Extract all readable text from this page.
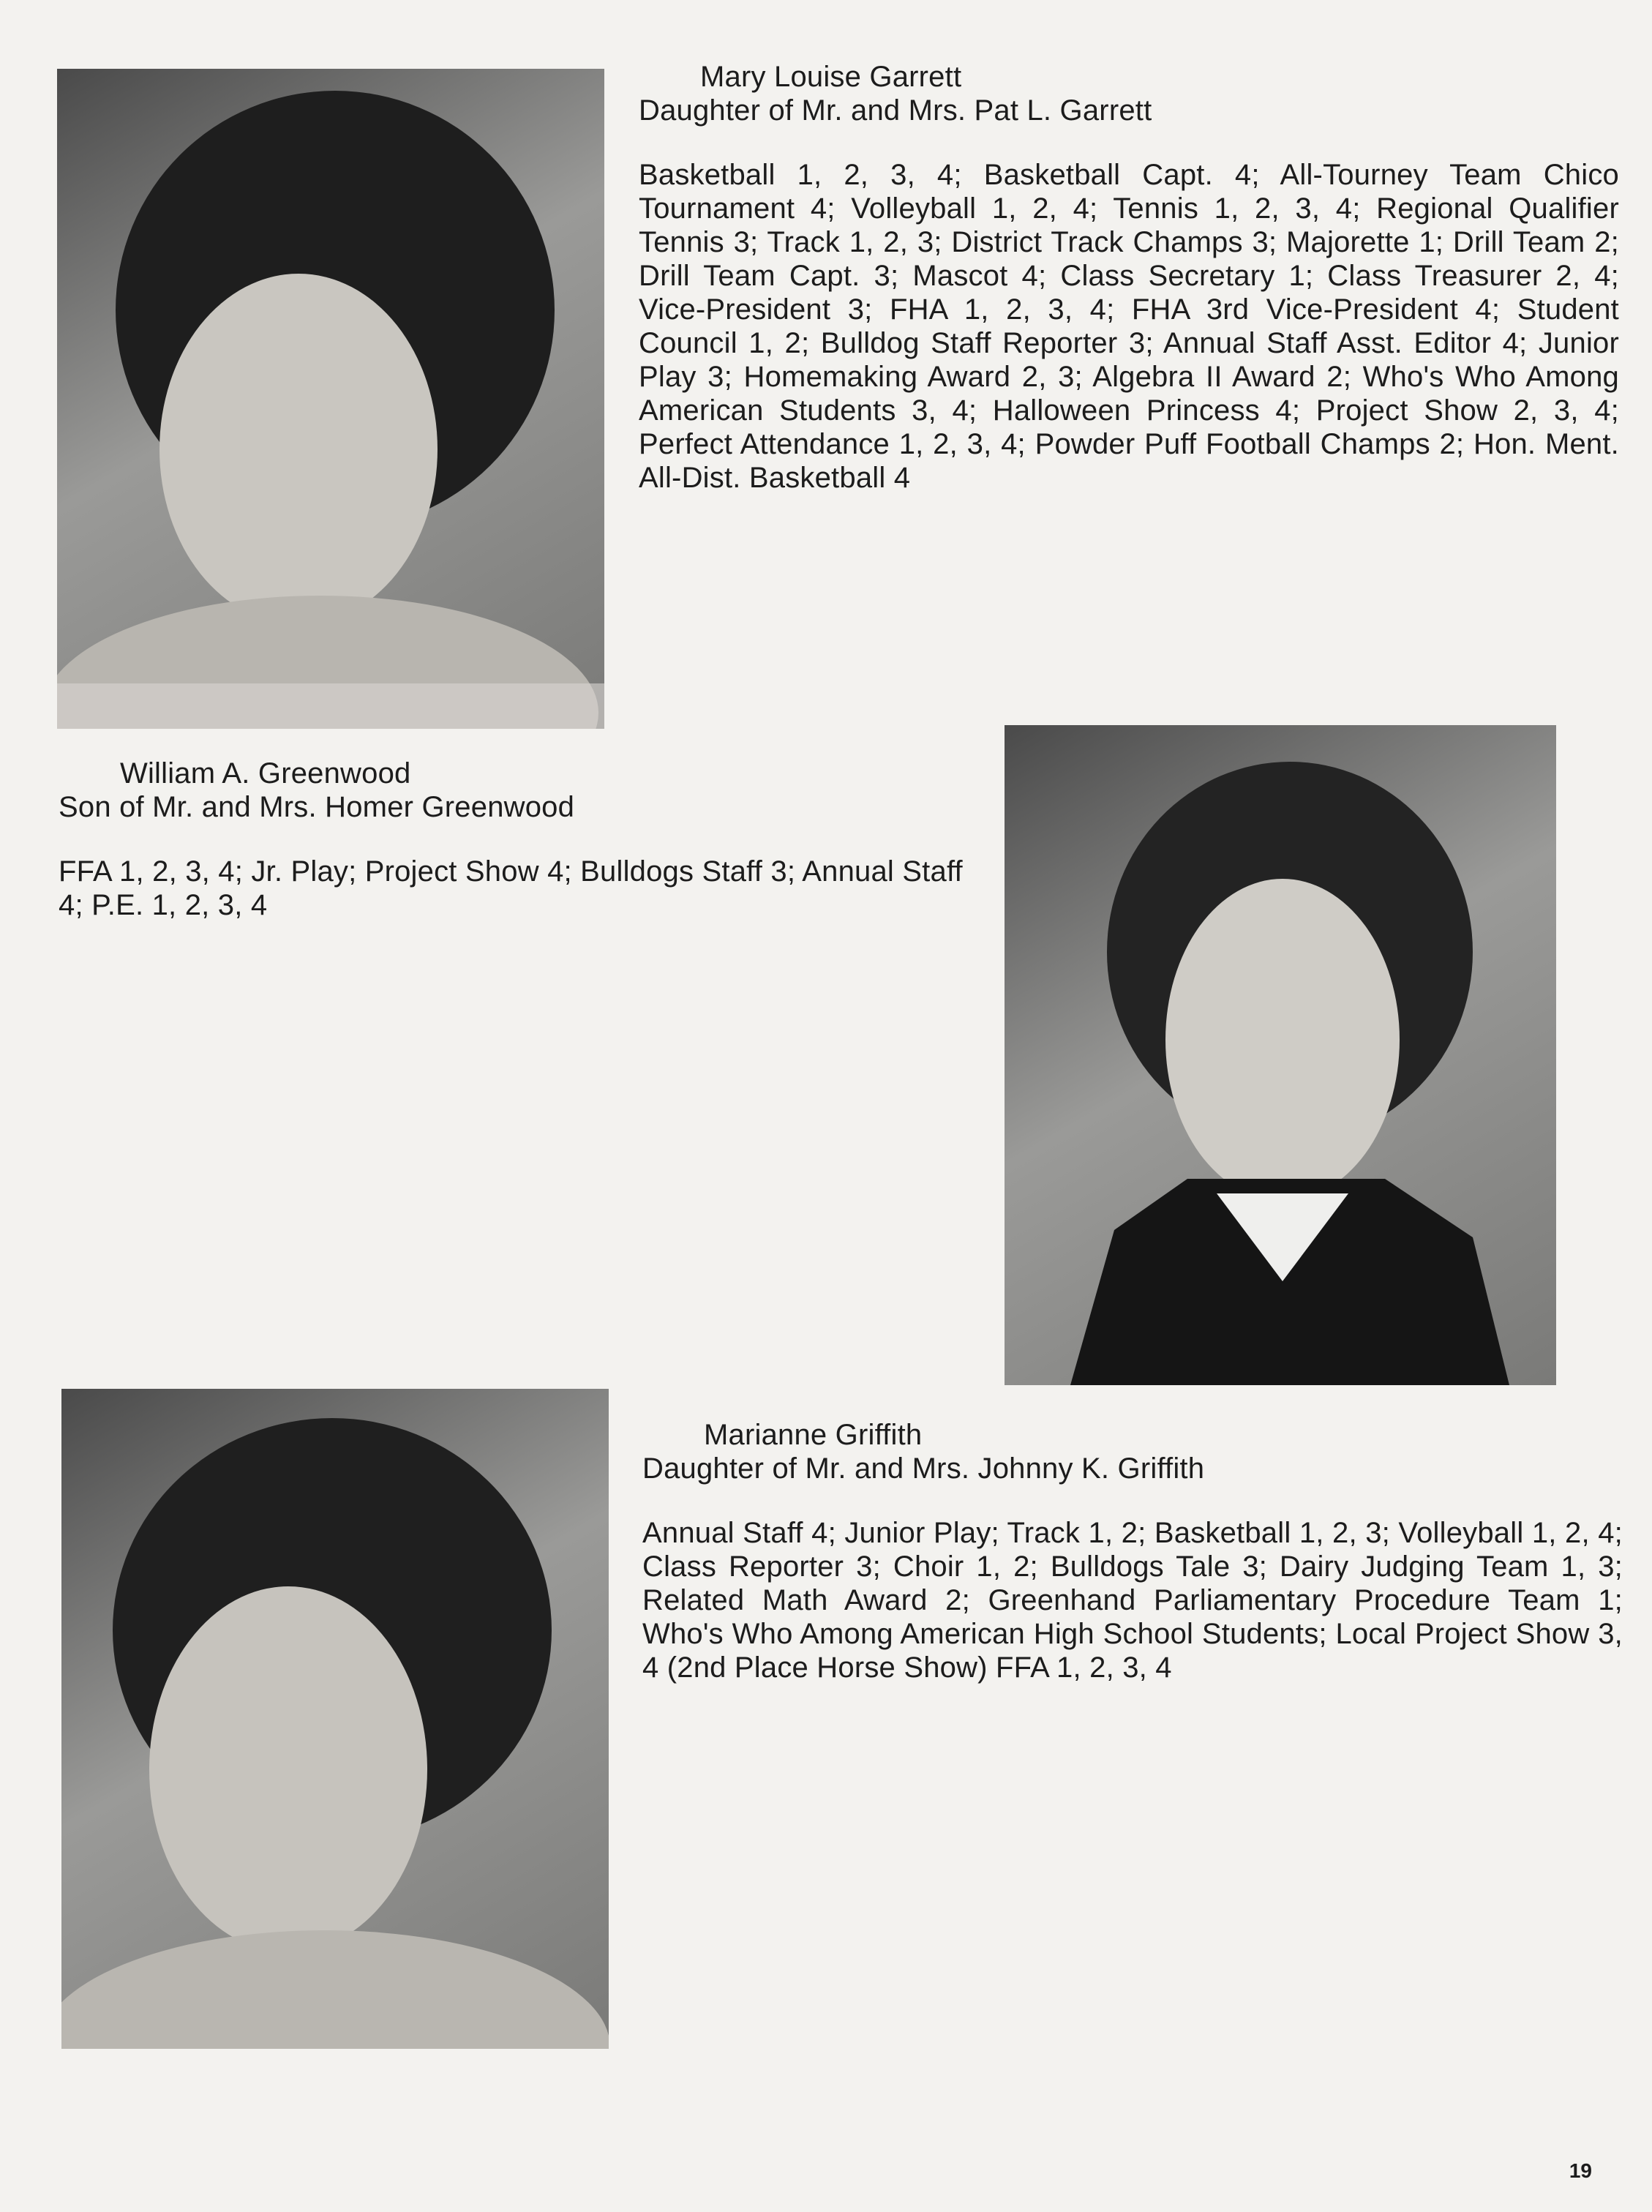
Mary Louise Garrett
Daughter of Mr. and Mrs. Pat L. Garrett
Basketball 1, 2, 3, 4; Basketball Capt. 4; All-Tourney Team Chico Tournament 4; Volleyball 1, 2, 4; Tennis 1, 2, 3, 4; Regional Qualifier Tennis 3; Track 1, 2, 3; District Track Champs 3; Majorette 1; Drill Team 2; Drill Team Capt. 3; Mascot 4; Class Secretary 1; Class Treasurer 2, 4; Vice-President 3; FHA 1, 2, 3, 4; FHA 3rd Vice-President 4; Student Council 1, 2; Bulldog Staff Reporter 3; Annual Staff Asst. Editor 4; Junior Play 3; Homemaking Award 2, 3; Algebra II Award 2; Who's Who Among American Students 3, 4; Halloween Princess 4; Project Show 2, 3, 4; Perfect Attendance 1, 2, 3, 4; Powder Puff Football Champs 2; Hon. Ment. All-Dist. Basketball 4
William A. Greenwood
Son of Mr. and Mrs. Homer Greenwood
FFA 1, 2, 3, 4; Jr. Play; Project Show 4; Bulldogs Staff 3; Annual Staff 4; P.E. 1, 2, 3, 4
Marianne Griffith
Daughter of Mr. and Mrs. Johnny K. Griffith
Annual Staff 4; Junior Play; Track 1, 2; Basketball 1, 2, 3; Volleyball 1, 2, 4; Class Reporter 3; Choir 1, 2; Bulldogs Tale 3; Dairy Judging Team 1, 3; Related Math Award 2; Greenhand Parliamentary Procedure Team 1; Who's Who Among American High School Students; Local Project Show 3, 4 (2nd Place Horse Show) FFA 1, 2, 3, 4
19
